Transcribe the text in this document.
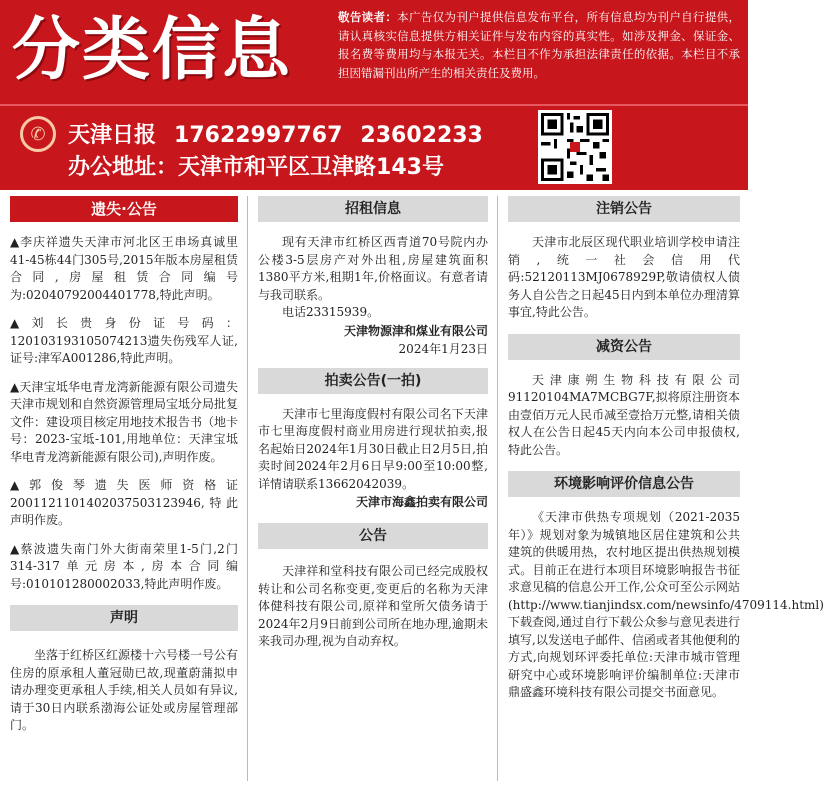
分类信息	敬告读者：本广告仅为刊户提供信息发布平台，所有信息均为刊户自行提供，请认真核实信息提供方相关证件与发布内容的真实性。如涉及押金、保证金、报名费等费用均与本报无关。本栏目不作为承担法律责任的依据。本栏目不承担因错漏刊出所产生的相关责任及费用。
✆	天津日报 17622997767 23602233
办公地址：天津市和平区卫津路143号
遗失·公告

▲李庆祥遗失天津市河北区王串场真诚里41-45栋44门305号,2015年版本房屋租赁合同,房屋租赁合同编号为:02040792004401778,特此声明。

▲刘长贵身份证号码：120103193105074213遗失伤残军人证,证号:津军A001286,特此声明。

▲天津宝坻华电青龙湾新能源有限公司遗失天津市规划和自然资源管理局宝坻分局批复文件：建设项目核定用地技术报告书（地卡号：2023-宝坻-101,用地单位：天津宝坻华电青龙湾新能源有限公司),声明作废。

▲郭俊琴遗失医师资格证200112110140203750312394​6,特此声明作废。

▲蔡波遗失南门外大街南荣里1-5门,2门314-317单元房本,房本合同编号:01010128000203​3,特此声明作废。

声明

坐落于红桥区红源楼十六号楼一号公有住房的原承租人董冠勋已故,现董蔚蒲拟申请办理变更承租人手续,相关人员如有异议,请于30日内联系渤海公证处或房屋管理部门。

招租信息

现有天津市红桥区西青道70号院内办公楼3-5层房产对外出租,房屋建筑面积1380平方米,租期1年,价格面议。有意者请与我司联系。

电话23315939。

天津物源津和煤业有限公司
2024年1月23日
拍卖公告(一拍)

天津市七里海度假村有限公司名下天津市七里海度假村商业用房进行现状拍卖,报名起始日2024年1月30日截止日2月5日,拍卖时间2024年2月6日早9:00至10:00整,详情请联系13662042039。

天津市海鑫拍卖有限公司
公告

天津祥和堂科技有限公司已经完成股权转让和公司名称变更,变更后的名称为天津体健科技有限公司,原祥和堂所欠债务请于2024年2月9日前到公司所在地办理,逾期未来我司办理,视为自动弃权。

注销公告

天津市北辰区现代职业培训学校申请注销,统一社会信用代码:52120113MJ0678929P,敬请债权人债务人自公告之日起45日内到本单位办理清算事宜,特此公告。

减资公告

天津康朔生物科技有限公司91120104MA7MCBG7F,拟将原注册资本由壹佰万元人民币减至壹拾万元整,请相关债权人在公告日起45天内向本公司申报债权,特此公告。

环境影响评价信息公告

《天津市供热专项规划（2021-2035年）》规划对象为城镇地区居住建筑和公共建筑的供暖用热，农村地区提出供热规划模式。目前正在进行本项目环境影响报告书征求意见稿的信息公开工作,公众可至公示网站(http://www.tianjindsx.com/newsinfo/4709114.html)下载查阅,通过自行下载公众参与意见表进行填写,以发送电子邮件、信函或者其他便利的方式,向规划环评委托单位:天津市城市管理研究中心或环境影响评价编制单位:天津市鼎盛鑫环境科技有限公司提交书面意见。
